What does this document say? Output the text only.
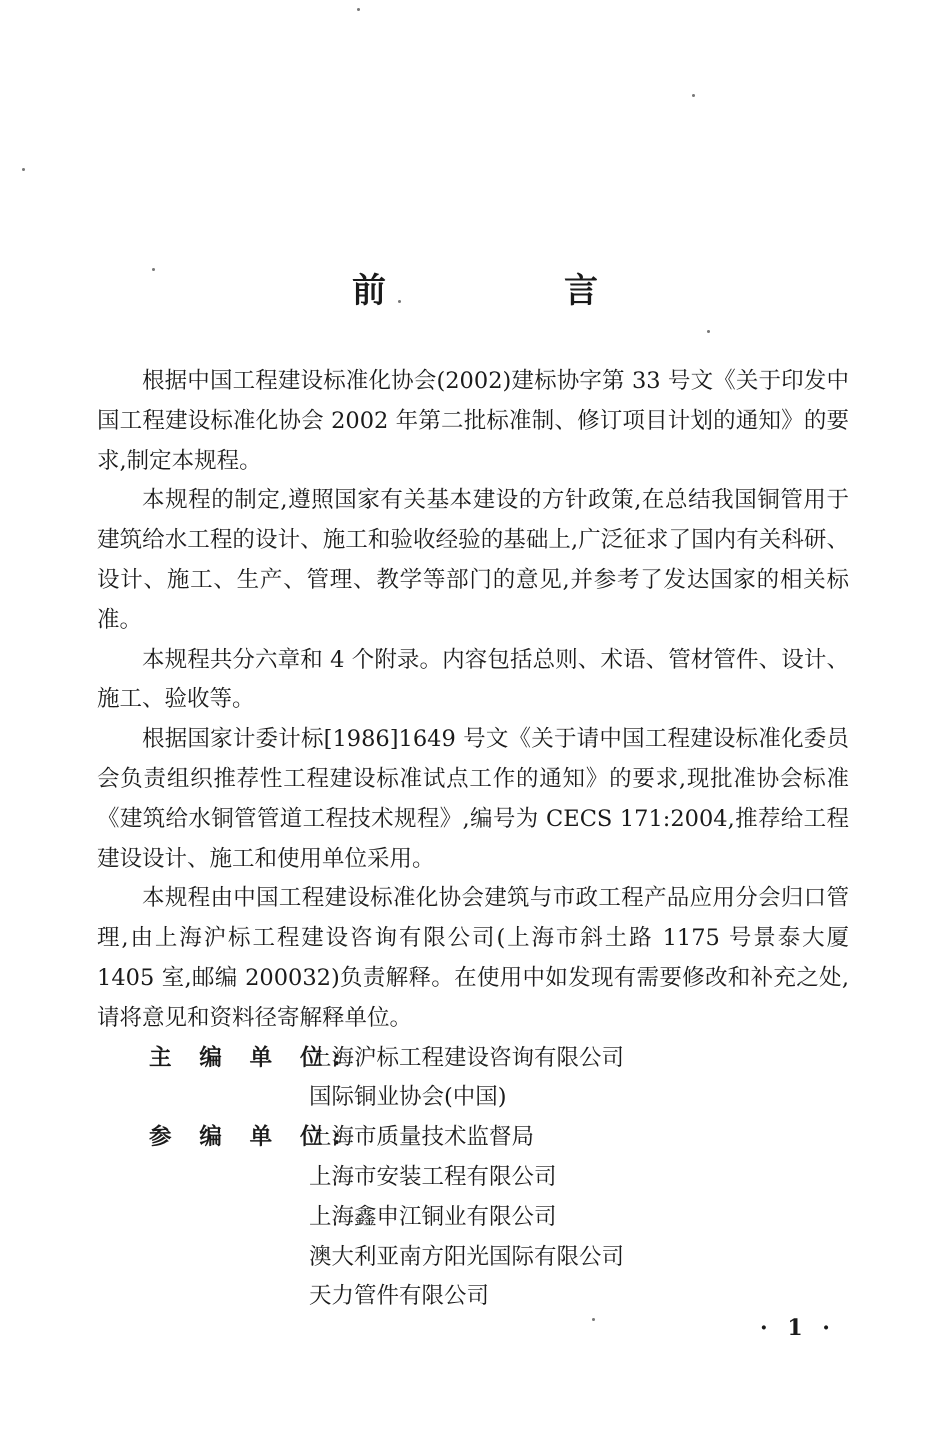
前　言

根据中国工程建设标准化协会(2002)建标协字第 33 号文《关于印发中国工程建设标准化协会 2002 年第二批标准制、修订项目计划的通知》的要求,制定本规程。

本规程的制定,遵照国家有关基本建设的方针政策,在总结我国铜管用于建筑给水工程的设计、施工和验收经验的基础上,广泛征求了国内有关科研、设计、施工、生产、管理、教学等部门的意见,并参考了发达国家的相关标准。

本规程共分六章和 4 个附录。内容包括总则、术语、管材管件、设计、施工、验收等。

根据国家计委计标[1986]1649 号文《关于请中国工程建设标准化委员会负责组织推荐性工程建设标准试点工作的通知》的要求,现批准协会标准《建筑给水铜管管道工程技术规程》,编号为 CECS 171:2004,推荐给工程建设设计、施工和使用单位采用。

本规程由中国工程建设标准化协会建筑与市政工程产品应用分会归口管理,由上海沪标工程建设咨询有限公司(上海市斜土路 1175 号景泰大厦 1405 室,邮编 200032)负责解释。在使用中如发现有需要修改和补充之处,请将意见和资料径寄解释单位。

主 编 单 位:
上海沪标工程建设咨询有限公司
国际铜业协会(中国)
参 编 单 位:
上海市质量技术监督局
上海市安装工程有限公司
上海鑫申江铜业有限公司
澳大利亚南方阳光国际有限公司
天力管件有限公司
· 1 ·
